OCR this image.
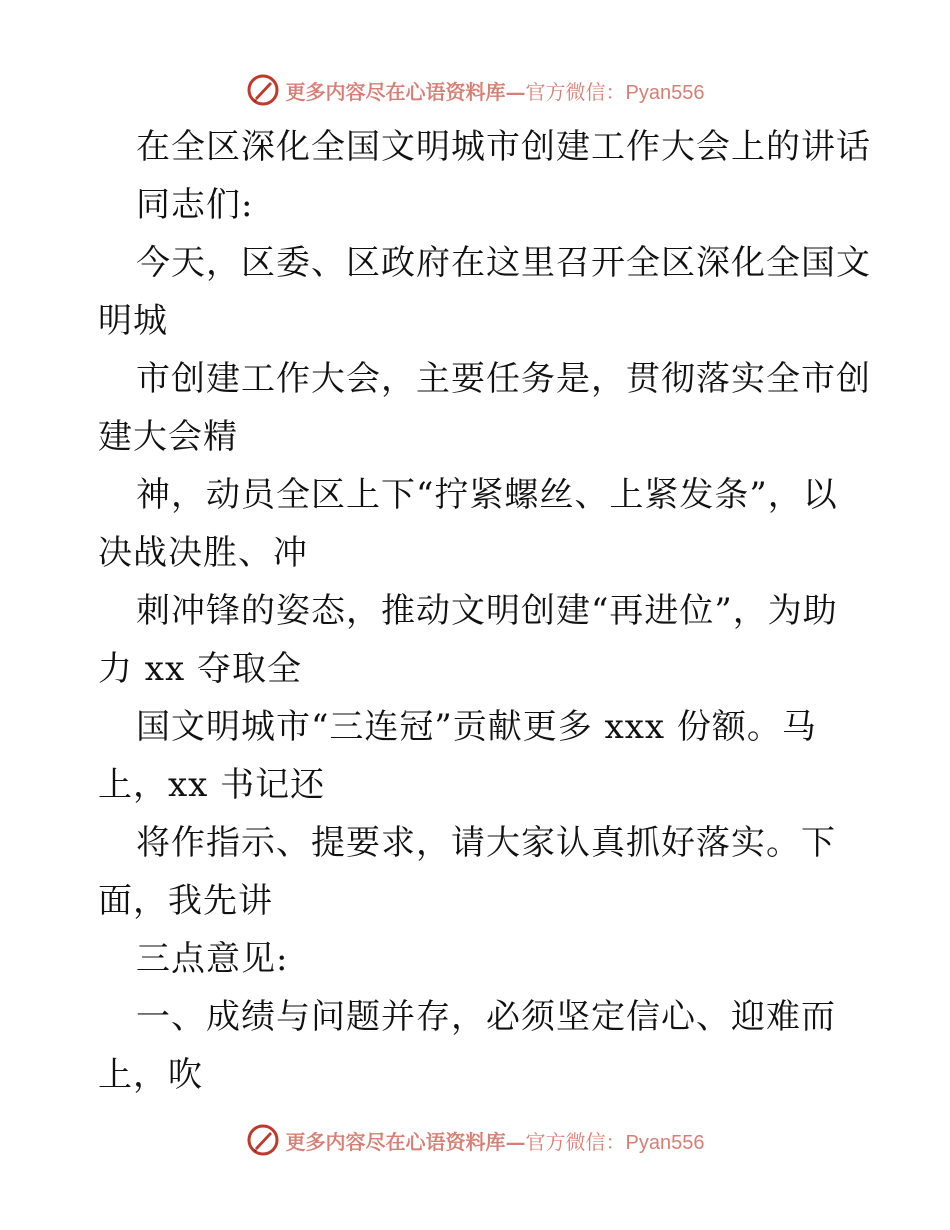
更多内容尽在心语资料库—官方微信：Pyan556
在全区深化全国文明城市创建工作大会上的讲话
同志们:
今天，区委、区政府在这里召开全区深化全国文
明城
市创建工作大会，主要任务是，贯彻落实全市创
建大会精
神，动员全区上下“拧紧螺丝、上紧发条”，以
决战决胜、冲
刺冲锋的姿态，推动文明创建“再进位”，为助
力 xx 夺取全
国文明城市“三连冠”贡献更多 xxx 份额。马
上，xx 书记还
将作指示、提要求，请大家认真抓好落实。下
面，我先讲
三点意见:
一、成绩与问题并存，必须坚定信心、迎难而
上，吹
更多内容尽在心语资料库—官方微信：Pyan556
